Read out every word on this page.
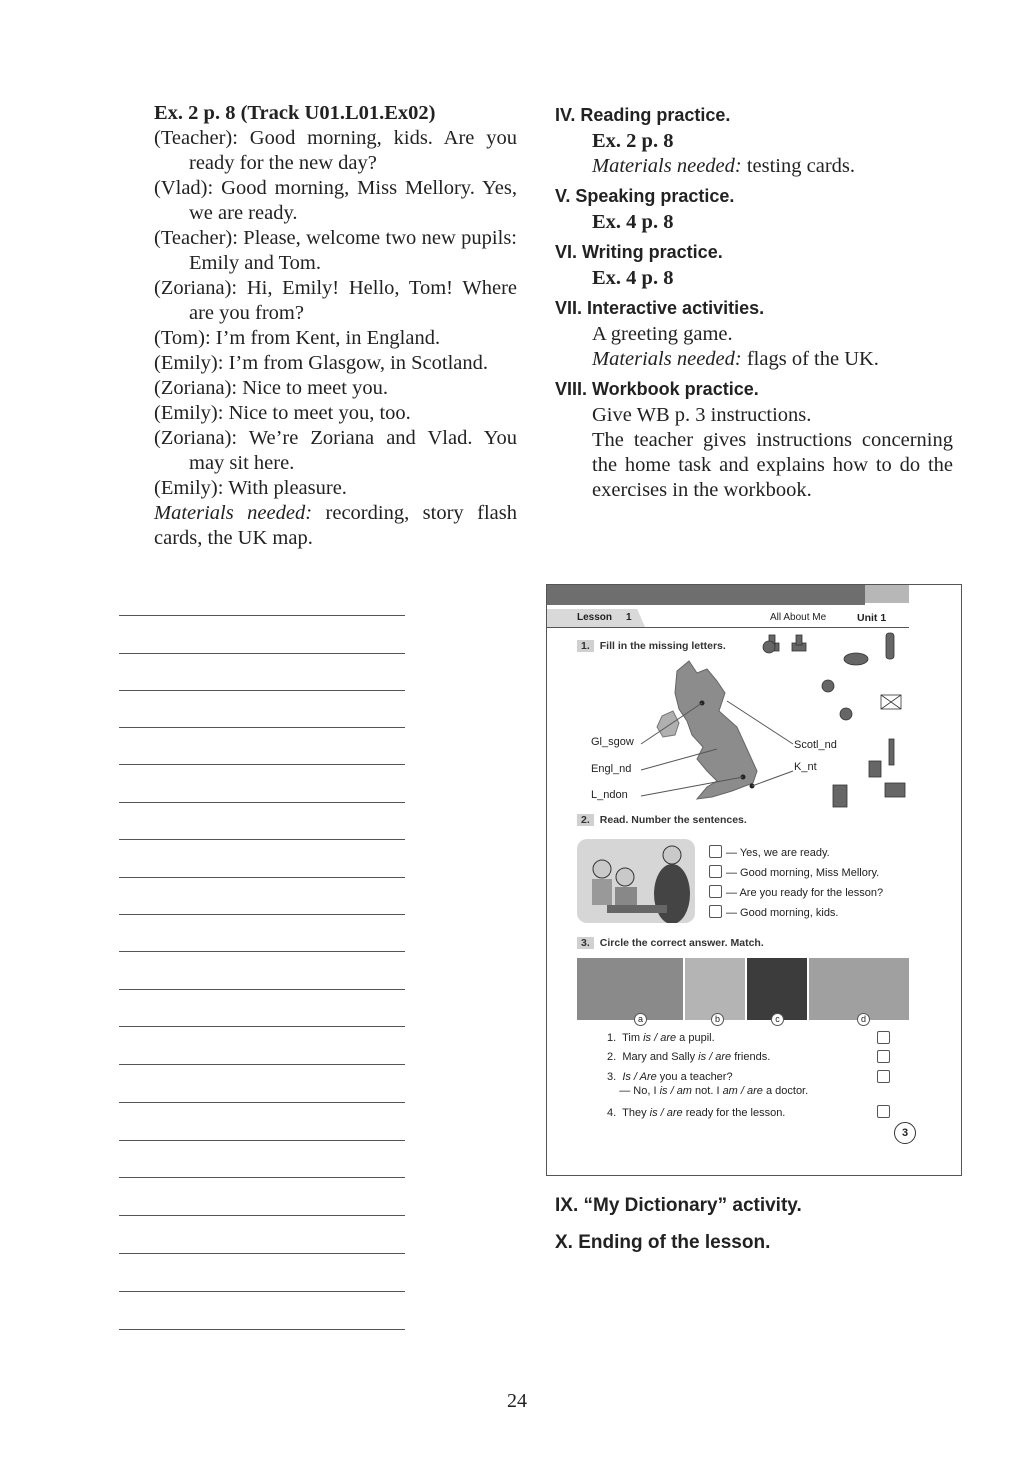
Ex. 2 p. 8 (Track U01.L01.Ex02)

(Teacher): Good morning, kids. Are you ready for the new day?

(Vlad): Good morning, Miss Mellory. Yes, we are ready.

(Teacher): Please, welcome two new pupils: Emily and Tom.

(Zoriana): Hi, Emily! Hello, Tom! Where are you from?

(Tom): I’m from Kent, in England.

(Emily): I’m from Glasgow, in Scotland.

(Zoriana): Nice to meet you.

(Emily): Nice to meet you, too.

(Zoriana): We’re Zoriana and Vlad. You may sit here.

(Emily): With pleasure.

Materials needed: recording, story flash cards, the UK map.

IV. Reading practice.

Ex. 2 p. 8

Materials needed: testing cards.

V. Speaking practice.

Ex. 4 p. 8

VI. Writing practice.

Ex. 4 p. 8

VII. Interactive activities.

A greeting game.

Materials needed: flags of the UK.

VIII. Workbook practice.

Give WB p. 3 instructions.

The teacher gives instructions concerning the home task and explains how to do the exercises in the workbook.

Lesson 1	All About Me	Unit 1
1. Fill in the missing letters.
Gl_sgow
Engl_nd
L_ndon
Scotl_nd
K_nt
2. Read. Number the sentences.
— Yes, we are ready.
— Good morning, Miss Mellory.
— Are you ready for the lesson?
— Good morning, kids.
3. Circle the correct answer. Match.
a	b	c	d
1. Tim is / are a pupil.
2. Mary and Sally is / are friends.
3. Is / Are you a teacher?
— No, I is / am not. I am / are a doctor.
4. They is / are ready for the lesson.
3
IX. “My Dictionary” activity.
X. Ending of the lesson.
24
